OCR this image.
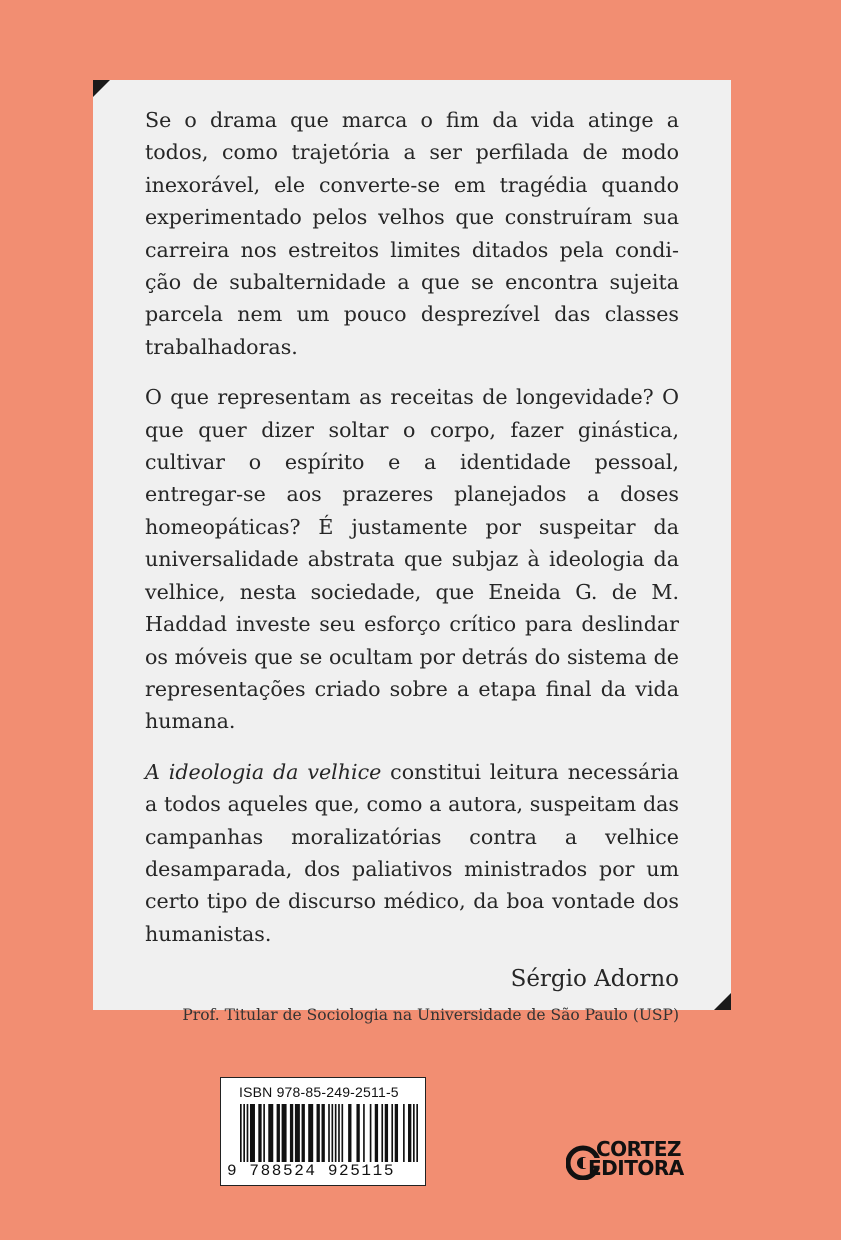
Se o drama que marca o fim da vida atinge a todos, como trajetória a ser perfilada de modo inexorável, ele converte-se em tragédia quando experimentado pelos velhos que construíram sua carreira nos estreitos limites ditados pela condição de subalternidade a que se encontra sujeita parcela nem um pouco desprezível das classes trabalhadoras.

O que representam as receitas de longevidade? O que quer dizer soltar o corpo, fazer ginástica, cultivar o espírito e a identidade pessoal, entregar-se aos prazeres planejados a doses homeopáticas? É justamente por suspeitar da universalidade abstrata que subjaz à ideologia da velhice, nesta sociedade, que Eneida G. de M. Haddad investe seu esforço crítico para deslindar os móveis que se ocultam por detrás do sistema de representações criado sobre a etapa final da vida humana.

A ideologia da velhice constitui leitura necessária a todos aqueles que, como a autora, suspeitam das campanhas moralizatórias contra a velhice desamparada, dos paliativos ministrados por um certo tipo de discurso médico, da boa vontade dos humanistas.

Sérgio Adorno

Prof. Titular de Sociologia na Universidade de São Paulo (USP)

ISBN 978-85-249-2511-5
9 788524 925115
CORTEZ
EDITORA
